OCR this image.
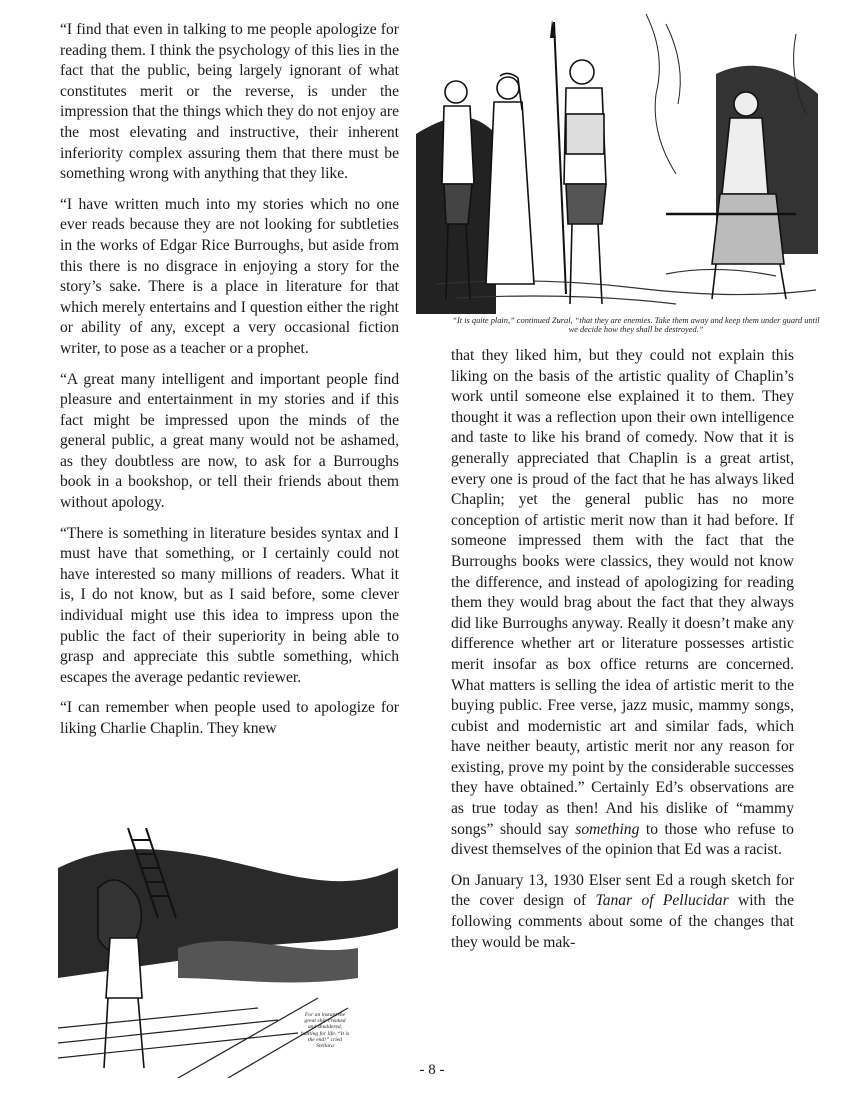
“I find that even in talking to me people apologize for reading them. I think the psychology of this lies in the fact that the public, being largely ignorant of what constitutes merit or the reverse, is under the impression that the things which they do not enjoy are the most elevating and instructive, their inherent inferiority complex assuring them that there must be something wrong with anything that they like.

“I have written much into my stories which no one ever reads because they are not looking for subtleties in the works of Edgar Rice Burroughs, but aside from this there is no disgrace in enjoying a story for the story’s sake. There is a place in literature for that which merely entertains and I question either the right or ability of any, except a very occasional fiction writer, to pose as a teacher or a prophet.

“A great many intelligent and important people find pleasure and entertainment in my stories and if this fact might be impressed upon the minds of the general public, a great many would not be ashamed, as they doubtless are now, to ask for a Burroughs book in a bookshop, or tell their friends about them without apology.

“There is something in literature besides syntax and I must have that something, or I certainly could not have interested so many millions of readers. What it is, I do not know, but as I said before, some clever individual might use this idea to impress upon the public the fact of their superiority in being able to grasp and appreciate this subtle something, which escapes the average pedantic reviewer.

“I can remember when people used to apologize for liking Charlie Chaplin. They knew

“It is quite plain,” continued Zural, “that they are enemies. Take them away and keep them under guard until we decide how they shall be destroyed.”

that they liked him, but they could not explain this liking on the basis of the artistic quality of Chaplin’s work until someone else explained it to them. They thought it was a reflection upon their own intelligence and taste to like his brand of comedy. Now that it is generally appreciated that Chaplin is a great artist, every one is proud of the fact that he has always liked Chaplin; yet the general public has no more conception of artistic merit now than it had before. If someone impressed them with the fact that the Burroughs books were classics, they would not know the difference, and instead of apologizing for reading them they would brag about the fact that they always did like Burroughs anyway. Really it doesn’t make any difference whether art or literature possesses artistic merit insofar as box office returns are concerned. What matters is selling the idea of artistic merit to the buying public. Free verse, jazz music, mammy songs, cubist and modernistic art and similar fads, which have neither beauty, artistic merit nor any reason for existing, prove my point by the considerable successes they have obtained.” Certainly Ed’s observations are as true today as then! And his dislike of “mammy songs” should say something to those who refuse to divest themselves of the opinion that Ed was a racist.

On January 13, 1930 Elser sent Ed a rough sketch for the cover design of Tanar of Pellucidar with the following comments about some of the changes that they would be mak-

For an instant the great ship creaked and shuddered, battling for life. “It is the end!” cried Stellara
- 8 -
